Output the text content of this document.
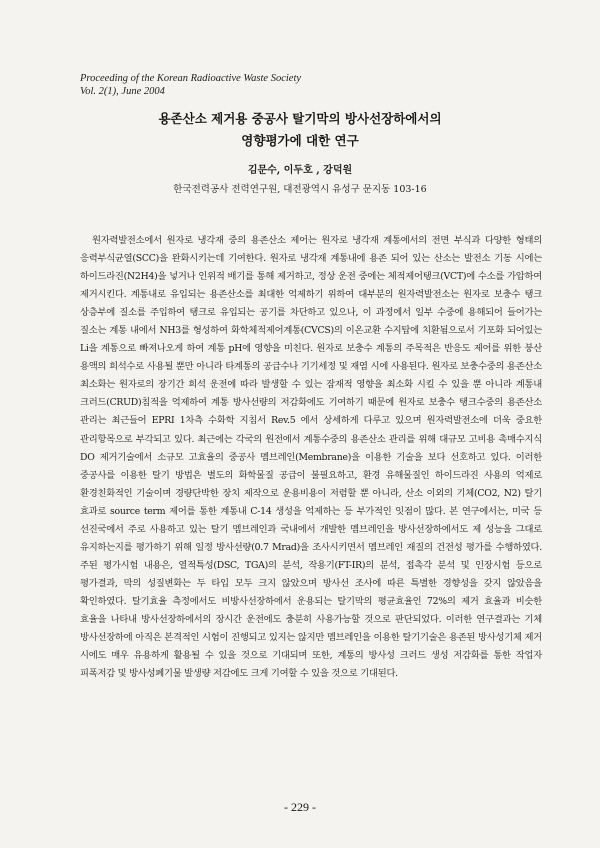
Proceeding of the Korean Radioactive Waste Society
Vol. 2(1), June 2004
용존산소 제거용 중공사 탈기막의 방사선장하에서의
영향평가에 대한 연구
김문수, 이두호 , 강덕원
한국전력공사 전력연구원, 대전광역시 유성구 문지동 103-16

원자력발전소에서 원자로 냉각재 중의 용존산소 제어는 원자로 냉각재 계통에서의 전면 부식과 다양한 형태의 응력부식균열(SCC)을 완화시키는데 기여한다. 원자로 냉각재 계통내에 용존 되어 있는 산소는 발전소 기동 시에는 하이드라진(N2H4)을 넣거나 인위적 배기를 통해 제거하고, 정상 운전 중에는 체적제어탱크(VCT)에 수소를 가압하여 제거시킨다. 계통내로 유입되는 용존산소를 최대한 억제하기 위하여 대부분의 원자력발전소는 원자로 보충수 탱크 상층부에 질소를 주입하여 탱크로 유입되는 공기를 차단하고 있으나, 이 과정에서 일부 수중에 용해되어 들어가는 질소는 계통 내에서 NH3를 형성하여 화학체적제어계통(CVCS)의 이온교환 수지탑에 치환됨으로서 기포화 되어있는 Li을 계통으로 빠져나오게 하여 계통 pH에 영향을 미친다. 원자로 보충수 계통의 주목적은 반응도 제어를 위한 붕산 용액의 희석수로 사용될 뿐만 아니라 타계통의 공급수나 기기세정 및 재염 시에 사용된다. 원자로 보충수중의 용존산소 최소화는 원자로의 장기간 희석 운전에 따라 발생할 수 있는 잠재적 영향을 최소화 시킬 수 있을 뿐 아니라 계통내 크러드(CRUD)침적을 억제하여 계통 방사선량의 저감화에도 기여하기 때문에 원자로 보충수 탱크수중의 용존산소 관리는 최근들어 EPRI 1차측 수화학 지침서 Rev.5 에서 상세하게 다루고 있으며 원자력발전소에 더욱 중요한 관리항목으로 부각되고 있다. 최근에는 각국의 원전에서 계통수중의 용존산소 관리를 위해 대규모 고비용 촉매수지식 DO 제거기술에서 소규모 고효율의 중공사 멤브레인(Membrane)을 이용한 기술을 보다 선호하고 있다. 이러한 중공사를 이용한 탈기 방법은 별도의 화학물질 공급이 불필요하고, 환경 유해물질인 하이드라진 사용의 억제로 환경친화적인 기술이며 경량단박한 장치 제작으로 운용비용이 저렴할 뿐 아니라, 산소 이외의 기체(CO2, N2) 탈기 효과로 source term 제어를 통한 계통내 C-14 생성을 억제하는 등 부가적인 잇점이 많다. 본 연구에서는, 미국 등 선진국에서 주로 사용하고 있는 탈기 멤브레인과 국내에서 개발한 멤브레인을 방사선장하에서도 제 성능을 그대로 유지하는지를 평가하기 위해 일정 방사선량(0.7 Mrad)을 조사시키면서 멤브레인 재질의 건전성 평가를 수행하였다. 주된 평가시험 내용은, 열적특성(DSC, TGA)의 분석, 작용기(FT-IR)의 분석, 접촉각 분석 및 인장시험 등으로 평가결과, 막의 성질변화는 두 타입 모두 크지 않았으며 방사선 조사에 따른 특별한 경향성을 갖지 않았음을 확인하였다. 탈기효율 측정에서도 비방사선장하에서 운용되는 탈기막의 평균효율인 72%의 제거 효율과 비슷한 효율을 나타내 방사선장하에서의 장시간 운전에도 충분히 사용가능할 것으로 판단되었다. 이러한 연구결과는 기체 방사선장하에 아직은 본격적인 시험이 진행되고 있지는 않지만 멤브레인을 이용한 탈기기술은 용존된 방사성기체 제거 시에도 매우 유용하게 활용될 수 있을 것으로 기대되며 또한, 계통의 방사성 크러드 생성 저감화를 통한 작업자 피폭저감 및 방사성폐기물 발생량 저감에도 크게 기여할 수 있을 것으로 기대된다.

- 229 -
